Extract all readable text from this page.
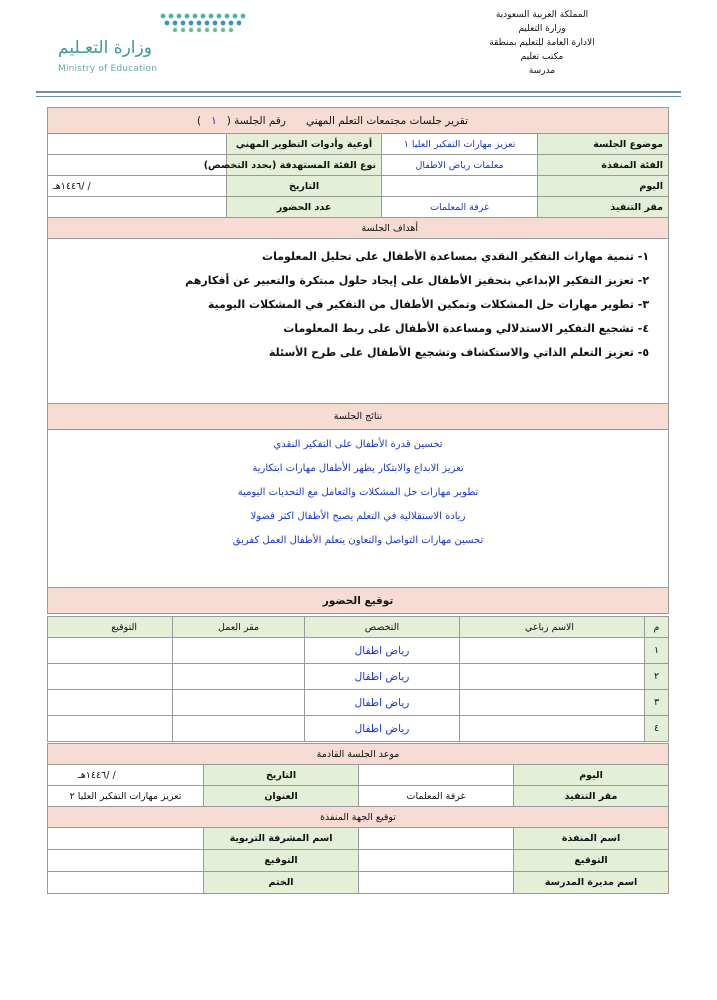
المملكة العربية السعودية
وزارة التعليم
الادارة العامة للتعليم بمنطقة
مكتب تعليم
مدرسة
وزارة التعـليم
Ministry of Education
تقرير جلسات مجتمعات التعلم المهني      رقم الجلسة (   ١   )			
موضوع الجلسة	تعزيز مهارات التفكير العليا ١	أوعية وأدوات التطوير المهني	
الفئة المنفذة	معلمات رياض الاطفال	نوع الفئة المستهدفة (بحدد التخصص)	
اليوم		التاريخ	/ /١٤٤٦هـ
مقر التنفيذ	غرفة المعلمات	عدد الحضور	
أهداف الجلسة			

١- تنمية مهارات التفكير النقدي بمساعدة الأطفال على تحليل المعلومات
٢- تعزيز التفكير الإبداعي بتحفيز الأطفال على إيجاد حلول مبتكرة والتعبير عن أفكارهم
٣- تطوير مهارات حل المشكلات وتمكين الأطفال من التفكير في المشكلات اليومية
٤- تشجيع التفكير الاستدلالي ومساعدة الأطفال على ربط المعلومات
٥- تعزيز التعلم الذاتي والاستكشاف وتشجيع الأطفال على طرح الأسئلة			

نتائج الجلسة			

تحسين قدرة الأطفال على التفكير النقدي
تعزيز الابداع والابتكار يظهر الأطفال مهارات ابتكارية
تطوير مهارات حل المشكلات والتعامل مع التحديات اليومية
زيادة الاستقلالية في التعلم يصبح الأطفال اكثر فضولا
تحسين مهارات التواصل والتعاون يتعلم الأطفال العمل كفريق			

توقيع الحضور			
م	الاسم رباعي	التخصص	مقر العمل	التوقيع
١		رياض اطفال		
٢		رياض اطفال		
٣		رياض اطفال		
٤		رياض اطفال		
موعد الجلسة القادمة			
اليوم		التاريخ	/ /١٤٤٦هـ
مقر التنفيذ	غرفة المعلمات	العنوان	تعزيز مهارات التفكير العليا ٢
توقيع الجهة المنفذة			
اسم المنفذة		اسم المشرفة التربوية	
التوقيع		التوقيع	
اسم مديرة المدرسة		الختم	
